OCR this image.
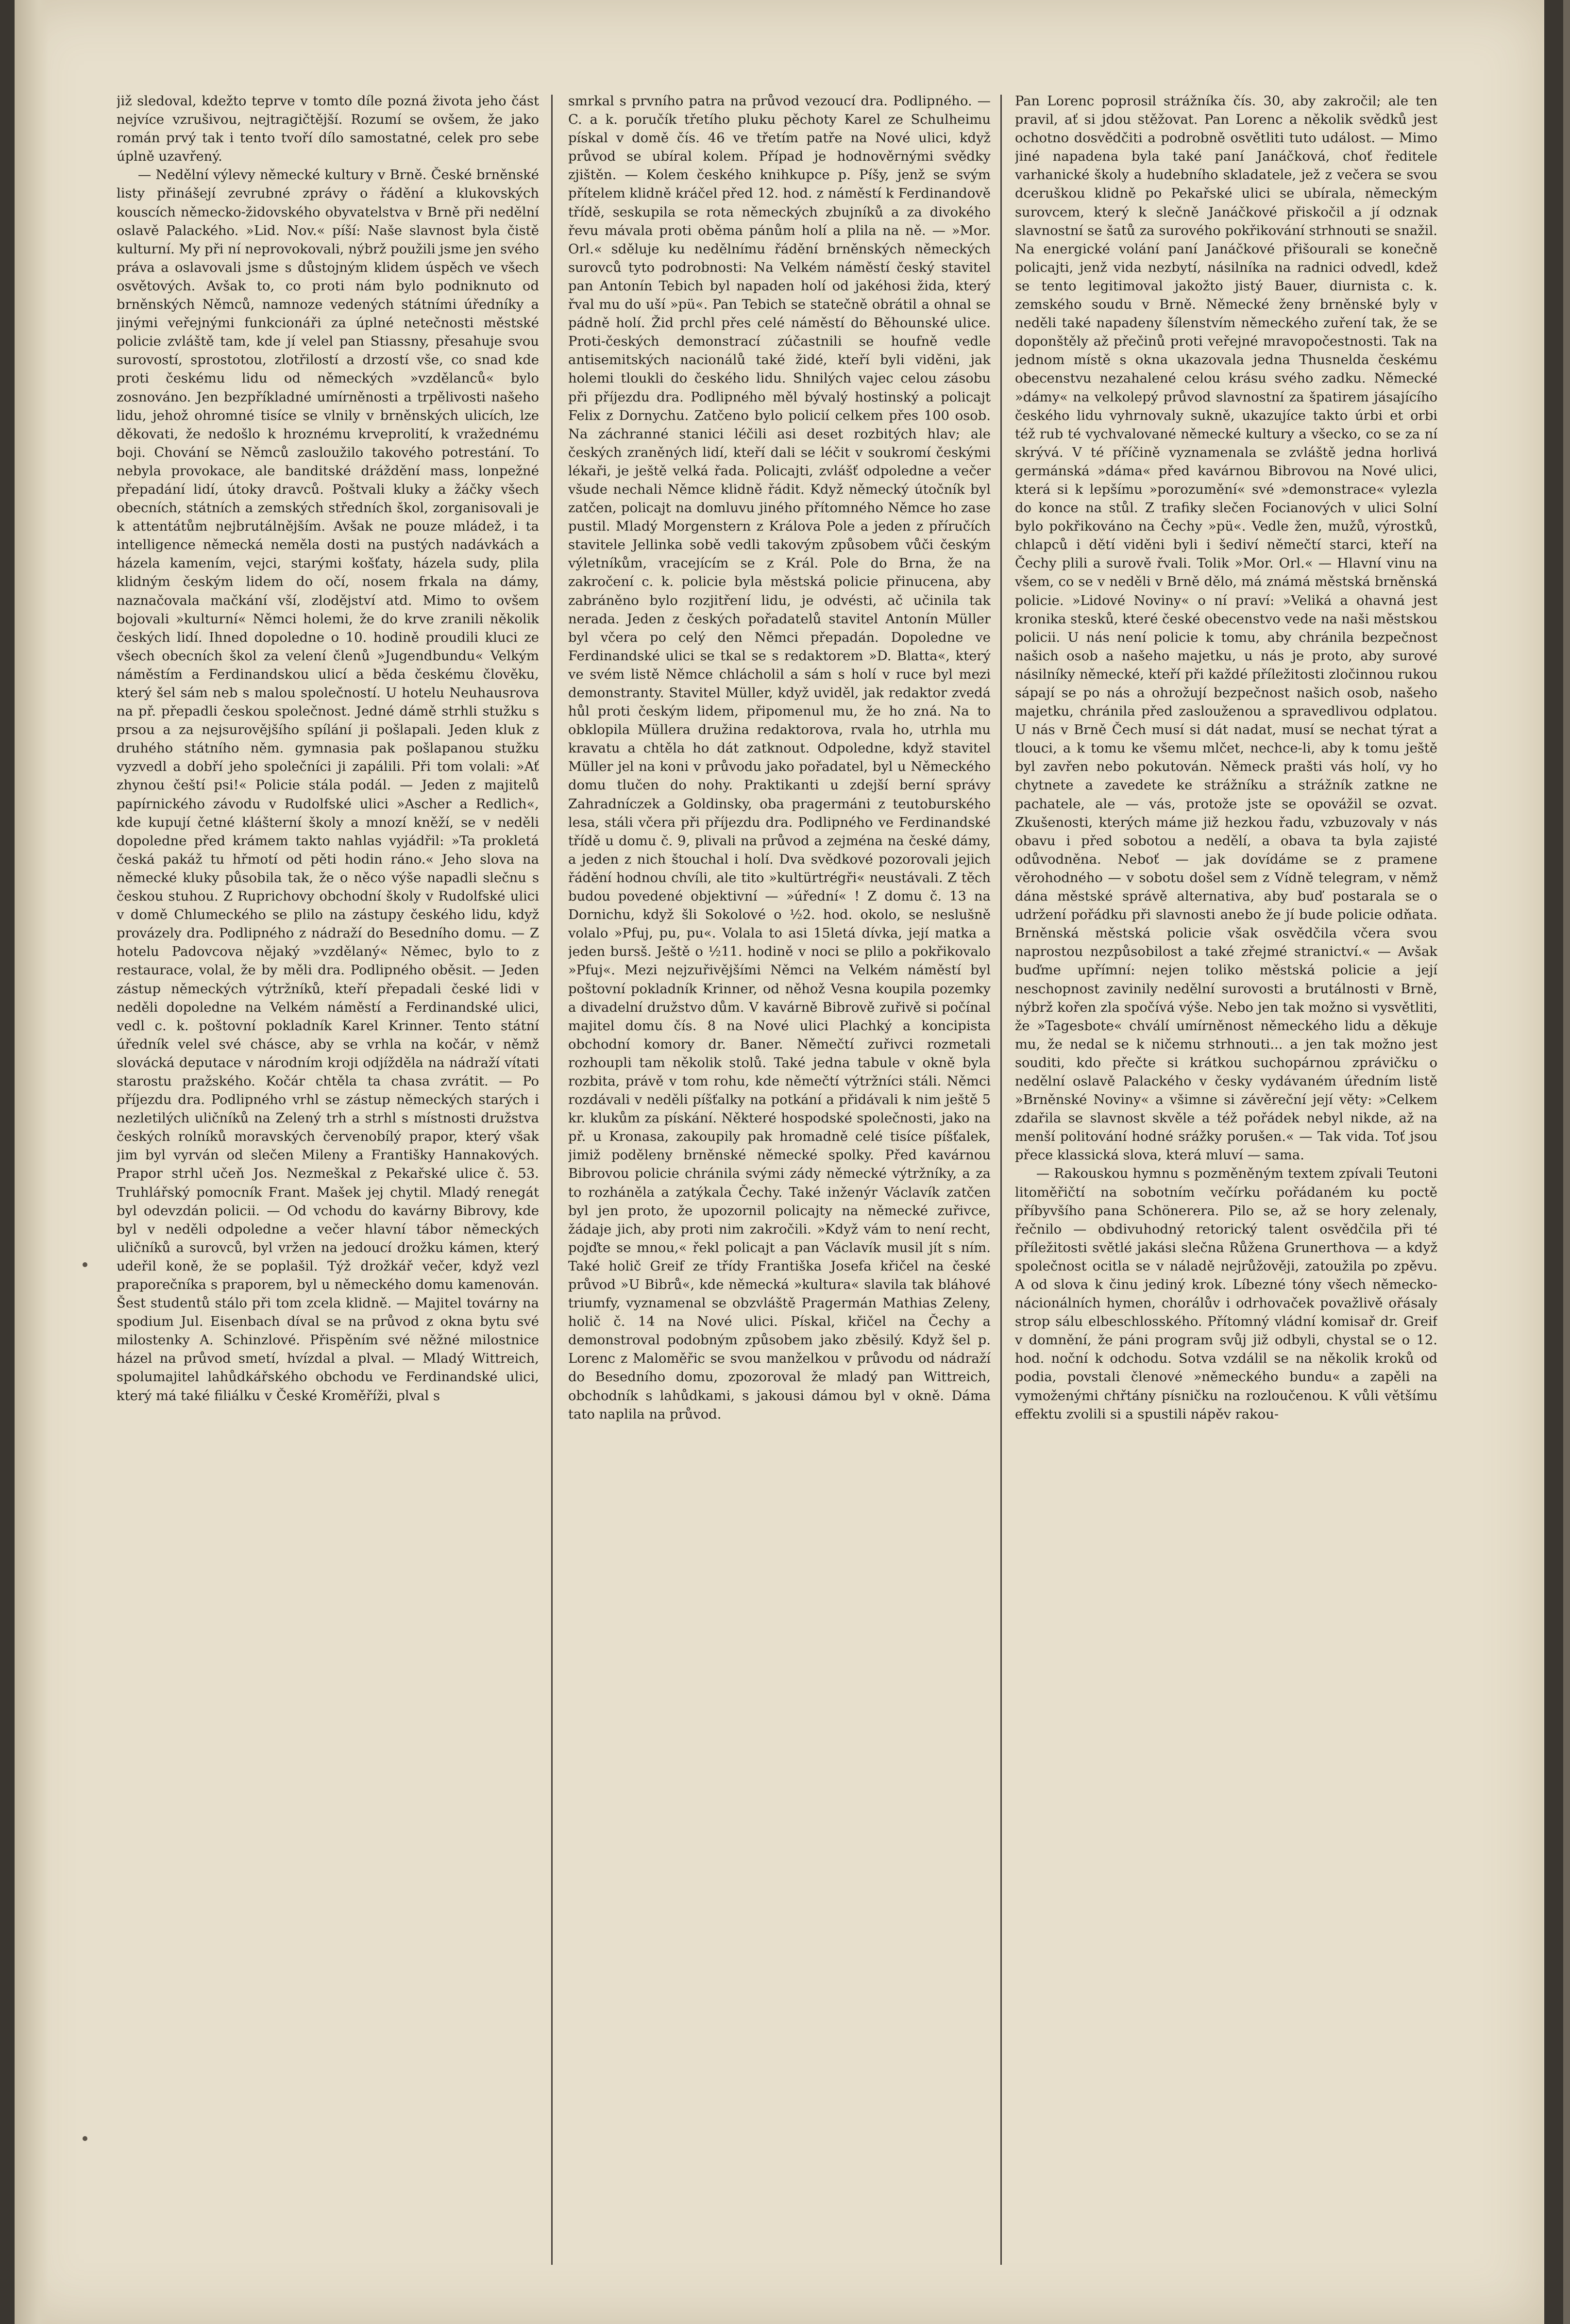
již sledoval, kdežto teprve v tomto díle pozná života jeho část nejvíce vzrušivou, nejtragičtější. Rozumí se ovšem, že jako román prvý tak i tento tvoří dílo samostatné, celek pro sebe úplně uzavřený.

— Nedělní výlevy německé kultury v Brně. České brněnské listy přinášejí zevrubné zprávy o řádění a klukovských kouscích německo-židovského obyvatelstva v Brně při nedělní oslavě Palackého. »Lid. Nov.« píší: Naše slavnost byla čistě kulturní. My při ní neprovokovali, nýbrž použili jsme jen svého práva a oslavovali jsme s důstojným klidem úspěch ve všech osvětových. Avšak to, co proti nám bylo podniknuto od brněnských Němců, namnoze vedených státními úředníky a jinými veřejnými funkcionáři za úplné netečnosti městské policie zvláště tam, kde jí velel pan Stiassny, přesahuje svou surovostí, sprostotou, zlotřilostí a drzostí vše, co snad kde proti českému lidu od německých »vzdělanců« bylo zosnováno. Jen bezpříkladné umírněnosti a trpělivosti našeho lidu, jehož ohromné tisíce se vlnily v brněnských ulicích, lze děkovati, že nedošlo k hroznému krveprolití, k vražednému boji. Chování se Němců zasloužilo takového potrestání. To nebyla provokace, ale banditské dráždění mass, lonpežné přepadání lidí, útoky dravců. Poštvali kluky a žáčky všech obecních, státních a zemských středních škol, zorganisovali je k attentátům nejbrutálnějším. Avšak ne pouze mládež, i ta intelligence německá neměla dosti na pustých nadávkách a házela kamením, vejci, starými košťaty, házela sudy, plila klidným českým lidem do očí, nosem frkala na dámy, naznačovala mačkání vší, zlodějství atd. Mimo to ovšem bojovali »kulturní« Němci holemi, že do krve zranili několik českých lidí. Ihned dopoledne o 10. hodině proudili kluci ze všech obecních škol za velení členů »Jugendbundu« Velkým náměstím a Ferdinandskou ulicí a běda českému člověku, který šel sám neb s malou společností. U hotelu Neuhausrova na př. přepadli českou společnost. Jedné dámě strhli stužku s prsou a za nejsurovějšího spílání ji pošlapali. Jeden kluk z druhého státního něm. gymnasia pak pošlapanou stužku vyzvedl a dobří jeho společníci ji zapálili. Při tom volali: »Ať zhynou čeští psi!« Policie stála podál. — Jeden z majitelů papírnického závodu v Rudolfské ulici »Ascher a Redlich«, kde kupují četné klášterní školy a mnozí kněží, se v neděli dopoledne před krámem takto nahlas vyjádřil: »Ta prokletá česká pakáž tu hřmotí od pěti hodin ráno.« Jeho slova na německé kluky působila tak, že o něco výše napadli slečnu s českou stuhou. Z Ruprichovy obchodní školy v Rudolfské ulici v domě Chlumeckého se plilo na zástupy českého lidu, když provázely dra. Podlipného z nádraží do Besedního domu. — Z hotelu Padovcova nějaký »vzdělaný« Němec, bylo to z restaurace, volal, že by měli dra. Podlipného oběsit. — Jeden zástup německých výtržníků, kteří přepadali české lidi v neděli dopoledne na Velkém náměstí a Ferdinandské ulici, vedl c. k. poštovní pokladník Karel Krinner. Tento státní úředník velel své chásce, aby se vrhla na kočár, v němž slovácká deputace v národním kroji odjížděla na nádraží vítati starostu pražského. Kočár chtěla ta chasa zvrátit. — Po příjezdu dra. Podlipného vrhl se zástup německých starých i nezletilých uličníků na Zelený trh a strhl s místnosti družstva českých rolníků moravských červenobílý prapor, který však jim byl vyrván od slečen Mileny a Františky Hannakových. Prapor strhl učeň Jos. Nezmeškal z Pekařské ulice č. 53. Truhlářský pomocník Frant. Mašek jej chytil. Mladý renegát byl odevzdán policii. — Od vchodu do kavárny Bibrovy, kde byl v neděli odpoledne a večer hlavní tábor německých uličníků a surovců, byl vržen na jedoucí drožku kámen, který udeřil koně, že se poplašil. Týž drožkář večer, když vezl praporečníka s praporem, byl u německého domu kamenován. Šest studentů stálo při tom zcela klidně. — Majitel továrny na spodium Jul. Eisenbach díval se na průvod z okna bytu své milostenky A. Schinzlové. Přispěním své něžné milostnice házel na průvod smetí, hvízdal a plval. — Mladý Wittreich, spolumajitel lahůdkářského obchodu ve Ferdinandské ulici, který má také filiálku v České Kroměříži, plval s

smrkal s prvního patra na průvod vezoucí dra. Podlipného. — C. a k. poručík třetího pluku pěchoty Karel ze Schulheimu pískal v domě čís. 46 ve třetím patře na Nové ulici, když průvod se ubíral kolem. Případ je hodnověrnými svědky zjištěn. — Kolem českého knihkupce p. Píšy, jenž se svým přítelem klidně kráčel před 12. hod. z náměstí k Ferdinandově třídě, seskupila se rota německých zbujníků a za divokého řevu mávala proti oběma pánům holí a plila na ně. — »Mor. Orl.« sděluje ku nedělnímu řádění brněnských německých surovců tyto podrobnosti: Na Velkém náměstí český stavitel pan Antonín Tebich byl napaden holí od jakéhosi žida, který řval mu do uší »pü«. Pan Tebich se statečně obrátil a ohnal se pádně holí. Žid prchl přes celé náměstí do Běhounské ulice. Proti-českých demonstrací zúčastnili se houfně vedle antisemitských nacionálů také židé, kteří byli viděni, jak holemi tloukli do českého lidu. Shnilých vajec celou zásobu při příjezdu dra. Podlipného měl bývalý hostinský a policajt Felix z Dornychu. Zatčeno bylo policií celkem přes 100 osob. Na záchranné stanici léčili asi deset rozbitých hlav; ale českých zraněných lidí, kteří dali se léčit v soukromí českými lékaři, je ještě velká řada. Policajti, zvlášť odpoledne a večer všude nechali Němce klidně řádit. Když německý útočník byl zatčen, policajt na domluvu jiného přítomného Němce ho zase pustil. Mladý Morgenstern z Králova Pole a jeden z příručích stavitele Jellinka sobě vedli takovým způsobem vůči českým výletníkům, vracejícím se z Král. Pole do Brna, že na zakročení c. k. policie byla městská policie přinucena, aby zabráněno bylo rozjitření lidu, je odvésti, ač učinila tak nerada. Jeden z českých pořadatelů stavitel Antonín Müller byl včera po celý den Němci přepadán. Dopoledne ve Ferdinandské ulici se tkal se s redaktorem »D. Blatta«, který ve svém listě Němce chlácholil a sám s holí v ruce byl mezi demonstranty. Stavitel Müller, když uviděl, jak redaktor zvedá hůl proti českým lidem, připomenul mu, že ho zná. Na to obklopila Müllera družina redaktorova, rvala ho, utrhla mu kravatu a chtěla ho dát zatknout. Odpoledne, když stavitel Müller jel na koni v průvodu jako pořadatel, byl u Německého domu tlučen do nohy. Praktikanti u zdejší berní správy Zahradníczek a Goldinsky, oba pragermáni z teutoburského lesa, stáli včera při příjezdu dra. Podlipného ve Ferdinandské třídě u domu č. 9, plivali na průvod a zejména na české dámy, a jeden z nich štouchal i holí. Dva svědkové pozorovali jejich řádění hodnou chvíli, ale tito »kultürtrégři« neustávali. Z těch budou povedené objektivní — »úřední« ! Z domu č. 13 na Dornichu, když šli Sokolové o ½2. hod. okolo, se neslušně volalo »Pfuj, pu, pu«. Volala to asi 15letá dívka, její matka a jeden bursš. Ještě o ½11. hodině v noci se plilo a pokřikovalo »Pfuj«. Mezi nejzuřivějšími Němci na Velkém náměstí byl poštovní pokladník Krinner, od něhož Vesna koupila pozemky a divadelní družstvo dům. V kavárně Bibrově zuřivě si počínal majitel domu čís. 8 na Nové ulici Plachký a koncipista obchodní komory dr. Baner. Němečtí zuřivci rozmetali rozhoupli tam několik stolů. Také jedna tabule v okně byla rozbita, právě v tom rohu, kde němečtí výtržníci stáli. Němci rozdávali v neděli píšťalky na potkání a přidávali k nim ještě 5 kr. klukům za pískání. Některé hospodské společnosti, jako na př. u Kronasa, zakoupily pak hromadně celé tisíce píšťalek, jimiž poděleny brněnské německé spolky. Před kavárnou Bibrovou policie chránila svými zády německé výtržníky, a za to rozháněla a zatýkala Čechy. Také inženýr Václavík zatčen byl jen proto, že upozornil policajty na německé zuřivce, žádaje jich, aby proti nim zakročili. »Když vám to není recht, pojďte se mnou,« řekl policajt a pan Václavík musil jít s ním. Také holič Greif ze třídy Františka Josefa křičel na české průvod »U Bibrů«, kde německá »kultura« slavila tak bláhové triumfy, vyznamenal se obzvláště Pragermán Mathias Zeleny, holič č. 14 na Nové ulici. Pískal, křičel na Čechy a demonstroval podobným způsobem jako zběsilý. Když šel p. Lorenc z Maloměřic se svou manželkou v průvodu od nádraží do Besedního domu, zpozoroval že mladý pan Wittreich, obchodník s lahůdkami, s jakousi dámou byl v okně. Dáma tato naplila na průvod.

Pan Lorenc poprosil strážníka čís. 30, aby zakročil; ale ten pravil, ať si jdou stěžovat. Pan Lorenc a několik svědků jest ochotno dosvědčiti a podrobně osvětliti tuto událost. — Mimo jiné napadena byla také paní Janáčková, choť ředitele varhanické školy a hudebního skladatele, jež z večera se svou dceruškou klidně po Pekařské ulici se ubírala, německým surovcem, který k slečně Janáčkové přiskočil a jí odznak slavnostní se šatů za surového pokřikování strhnouti se snažil. Na energické volání paní Janáčkové přišourali se konečně policajti, jenž vida nezbytí, násilníka na radnici odvedl, kdež se tento legitimoval jakožto jistý Bauer, diurnista c. k. zemského soudu v Brně. Německé ženy brněnské byly v neděli také napadeny šílenstvím německého zuření tak, že se doponštěly až přečinů proti veřejné mravopočestnosti. Tak na jednom místě s okna ukazovala jedna Thusnelda českému obecenstvu nezahalené celou krásu svého zadku. Německé »dámy« na velkolepý průvod slavnostní za špatirem jásajícího českého lidu vyhrnovaly sukně, ukazujíce takto úrbi et orbi též rub té vychvalované německé kultury a všecko, co se za ní skrývá. V té příčině vyznamenala se zvláště jedna horlivá germánská »dáma« před kavárnou Bibrovou na Nové ulici, která si k lepšímu »porozumění« své »demonstrace« vylezla do konce na stůl. Z trafiky slečen Focianových v ulici Solní bylo pokřikováno na Čechy »pü«. Vedle žen, mužů, výrostků, chlapců i dětí viděni byli i šediví němečtí starci, kteří na Čechy plili a surově řvali. Tolik »Mor. Orl.« — Hlavní vinu na všem, co se v neděli v Brně dělo, má známá městská brněnská policie. »Lidové Noviny« o ní praví: »Veliká a ohavná jest kronika stesků, které české obecenstvo vede na naši městskou policii. U nás není policie k tomu, aby chránila bezpečnost našich osob a našeho majetku, u nás je proto, aby surové násilníky německé, kteří při každé příležitosti zločinnou rukou sápají se po nás a ohrožují bezpečnost našich osob, našeho majetku, chránila před zaslouženou a spravedlivou odplatou. U nás v Brně Čech musí si dát nadat, musí se nechat týrat a tlouci, a k tomu ke všemu mlčet, nechce-li, aby k tomu ještě byl zavřen nebo pokutován. Německ prašti vás holí, vy ho chytnete a zavedete ke strážníku a strážník zatkne ne pachatele, ale — vás, protože jste se opovážil se ozvat. Zkušenosti, kterých máme již hezkou řadu, vzbuzovaly v nás obavu i před sobotou a nedělí, a obava ta byla zajisté odůvodněna. Neboť — jak dovídáme se z pramene věrohodného — v sobotu došel sem z Vídně telegram, v němž dána městské správě alternativa, aby buď postarala se o udržení pořádku při slavnosti anebo že jí bude policie odňata. Brněnská městská policie však osvědčila včera svou naprostou nezpůsobilost a také zřejmé stranictví.« — Avšak buďme upřímní: nejen toliko městská policie a její neschopnost zavinily nedělní surovosti a brutálnosti v Brně, nýbrž kořen zla spočívá výše. Nebo jen tak možno si vysvětliti, že »Tagesbote« chválí umírněnost německého lidu a děkuje mu, že nedal se k ničemu strhnouti... a jen tak možno jest souditi, kdo přečte si krátkou suchopárnou zprávičku o nedělní oslavě Palackého v česky vydávaném úředním listě »Brněnské Noviny« a všimne si závěreční její věty: »Celkem zdařila se slavnost skvěle a též pořádek nebyl nikde, až na menší politování hodné srážky porušen.« — Tak vida. Toť jsou přece klassická slova, která mluví — sama.

— Rakouskou hymnu s pozměněným textem zpívali Teutoni litoměřičtí na sobotním večírku pořádaném ku poctě příbyvšího pana Schönerera. Pilo se, až se hory zelenaly, řečnilo — obdivuhodný retorický talent osvědčila při té příležitosti světlé jakási slečna Růžena Grunerthova — a když společnost ocitla se v náladě nejrůžověji, zatoužila po zpěvu. A od slova k činu jediný krok. Líbezné tóny všech německo-nácionálních hymen, chorálův i odrhovaček považlivě ořásaly strop sálu elbeschlosského. Přítomný vládní komisař dr. Greif v domnění, že páni program svůj již odbyli, chystal se o 12. hod. noční k odchodu. Sotva vzdálil se na několik kroků od podia, povstali členové »německého bundu« a zapěli na vymoženými chřtány písničku na rozloučenou. K vůli většímu effektu zvolili si a spustili nápěv rakou-
